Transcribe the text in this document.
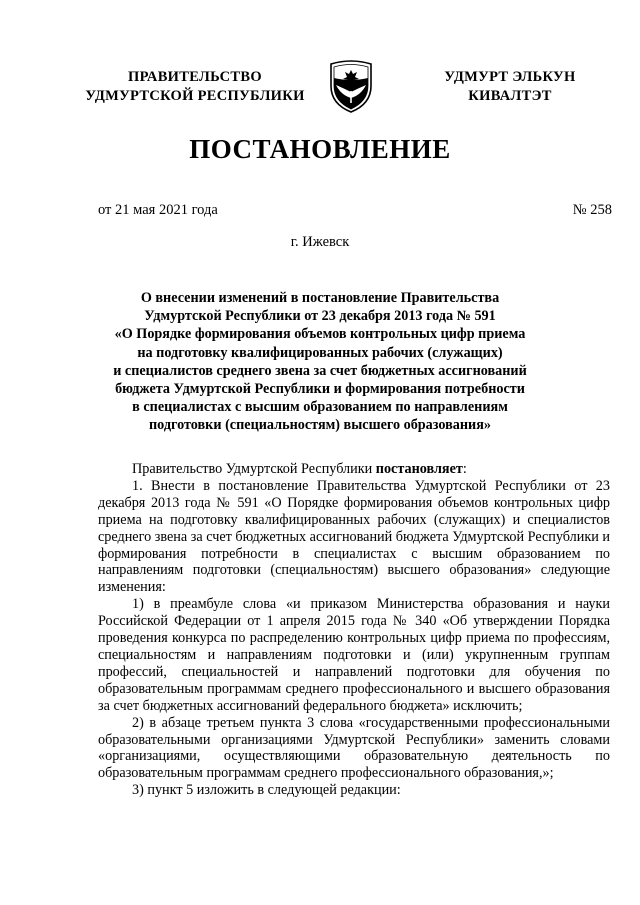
ПРАВИТЕЛЬСТВО
УДМУРТСКОЙ РЕСПУБЛИКИ
УДМУРТ ЭЛЬКУН
КИВАЛТЭТ
ПОСТАНОВЛЕНИЕ
от 21 мая 2021 года	№ 258
г. Ижевск
О внесении изменений в постановление Правительства
Удмуртской Республики от 23 декабря 2013 года № 591
«О Порядке формирования объемов контрольных цифр приема
на подготовку квалифицированных рабочих (служащих)
и специалистов среднего звена за счет бюджетных ассигнований
бюджета Удмуртской Республики и формирования потребности
в специалистах с высшим образованием по направлениям
подготовки (специальностям) высшего образования»

Правительство Удмуртской Республики постановляет:

1. Внести в постановление Правительства Удмуртской Республики от 23 декабря 2013 года № 591 «О Порядке формирования объемов контрольных цифр приема на подготовку квалифицированных рабочих (служащих) и специалистов среднего звена за счет бюджетных ассигнований бюджета Удмуртской Республики и формирования потребности в специалистах с высшим образованием по направлениям подготовки (специальностям) высшего образования» следующие изменения:

1) в преамбуле слова «и приказом Министерства образования и науки Российской Федерации от 1 апреля 2015 года № 340 «Об утверждении Порядка проведения конкурса по распределению контрольных цифр приема по профессиям, специальностям и направлениям подготовки и (или) укрупненным группам профессий, специальностей и направлений подготовки для обучения по образовательным программам среднего профессионального и высшего образования за счет бюджетных ассигнований федерального бюджета» исключить;

2) в абзаце третьем пункта 3 слова «государственными профессиональными образовательными организациями Удмуртской Республики» заменить словами «организациями, осуществляющими образовательную деятельность по образовательным программам среднего профессионального образования,»;

3) пункт 5 изложить в следующей редакции:
